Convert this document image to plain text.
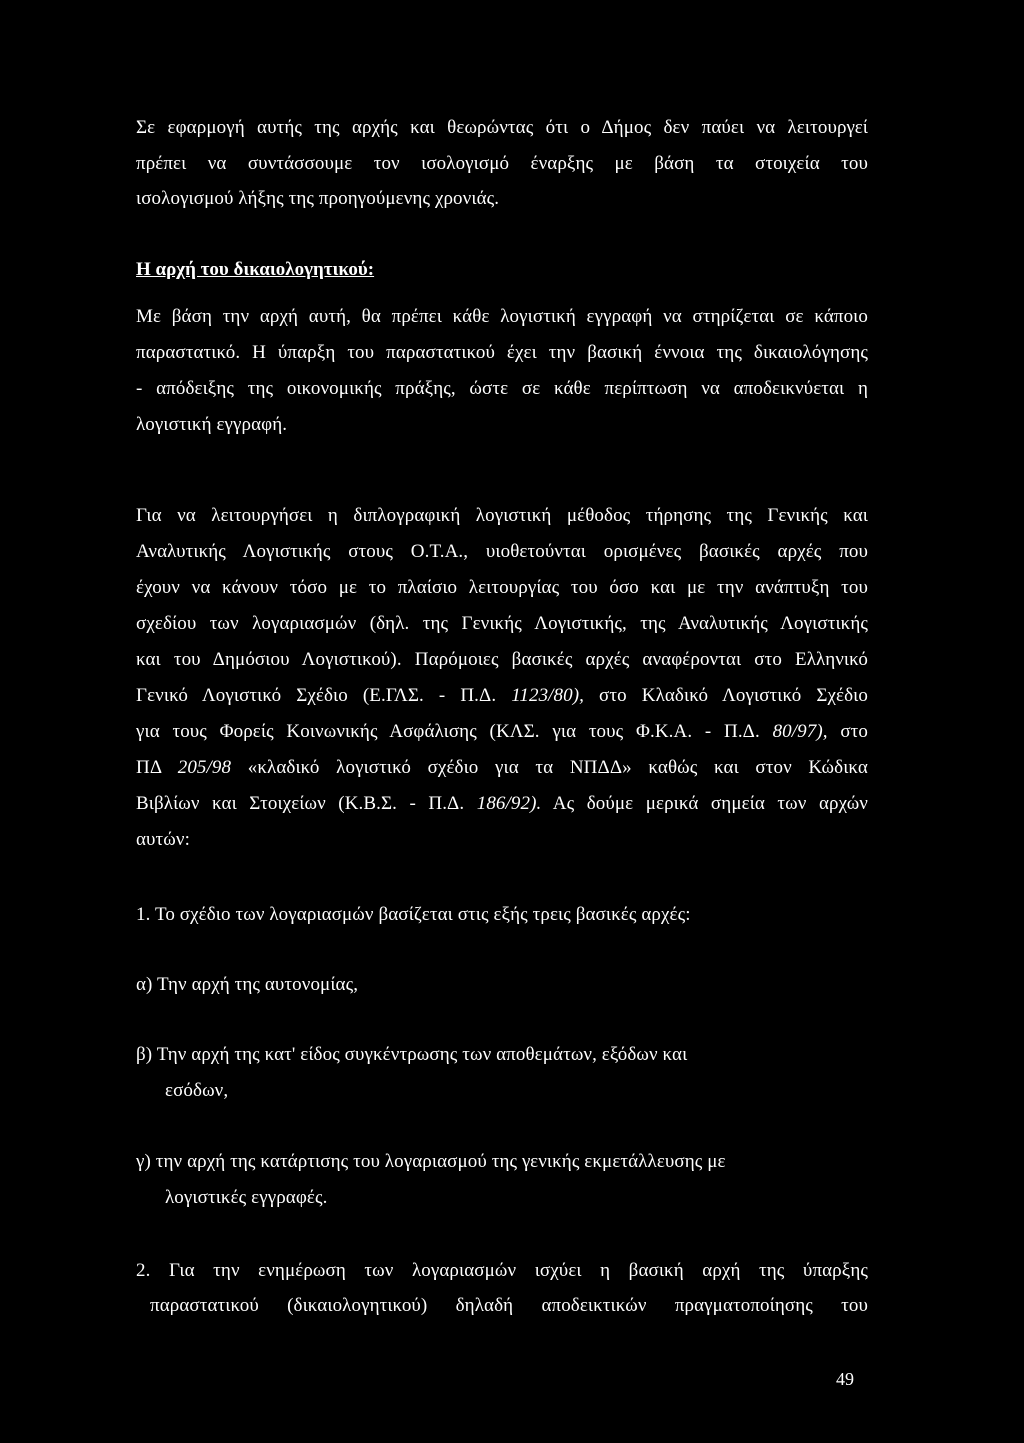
Σε εφαρμογή αυτής της αρχής και θεωρώντας ότι ο Δήμος δεν παύει να λειτουργεί
πρέπει να συντάσσουμε τον ισολογισμό έναρξης με βάση τα στοιχεία του
ισολογισμού λήξης της προηγούμενης χρονιάς.
Η αρχή του δικαιολογητικού:
Με βάση την αρχή αυτή, θα πρέπει κάθε λογιστική εγγραφή να στηρίζεται σε κάποιο
παραστατικό. Η ύπαρξη του παραστατικού έχει την βασική έννοια της δικαιολόγησης
- απόδειξης της οικονομικής πράξης, ώστε σε κάθε περίπτωση να αποδεικνύεται η
λογιστική εγγραφή.
Για να λειτουργήσει η διπλογραφική λογιστική μέθοδος τήρησης της Γενικής και
Αναλυτικής Λογιστικής στους Ο.Τ.Α., υιοθετούνται ορισμένες βασικές αρχές που
έχουν να κάνουν τόσο με το πλαίσιο λειτουργίας του όσο και με την ανάπτυξη του
σχεδίου των λογαριασμών (δηλ. της Γενικής Λογιστικής, της Αναλυτικής Λογιστικής
και του Δημόσιου Λογιστικού). Παρόμοιες βασικές αρχές αναφέρονται στο Ελληνικό
Γενικό Λογιστικό Σχέδιο (Ε.ΓΛΣ. - Π.Δ. 1123/80), στο Κλαδικό Λογιστικό Σχέδιο
για τους Φορείς Κοινωνικής Ασφάλισης (ΚΛΣ. για τους Φ.Κ.Α. - Π.Δ. 80/97), στο
ΠΔ 205/98 «κλαδικό λογιστικό σχέδιο για τα ΝΠΔΔ» καθώς και στον Κώδικα
Βιβλίων και Στοιχείων (Κ.Β.Σ. - Π.Δ. 186/92). Ας δούμε μερικά σημεία των αρχών
αυτών:
1. Το σχέδιο των λογαριασμών βασίζεται στις εξής τρεις βασικές αρχές:
α) Την αρχή της αυτονομίας,
β) Την αρχή της κατ' είδος συγκέντρωσης των αποθεμάτων, εξόδων και
εσόδων,
γ) την αρχή της κατάρτισης του λογαριασμού της γενικής εκμετάλλευσης με
λογιστικές εγγραφές.
2. Για την ενημέρωση των λογαριασμών ισχύει η βασική αρχή της ύπαρξης
παραστατικού (δικαιολογητικού) δηλαδή αποδεικτικών πραγματοποίησης του
49
